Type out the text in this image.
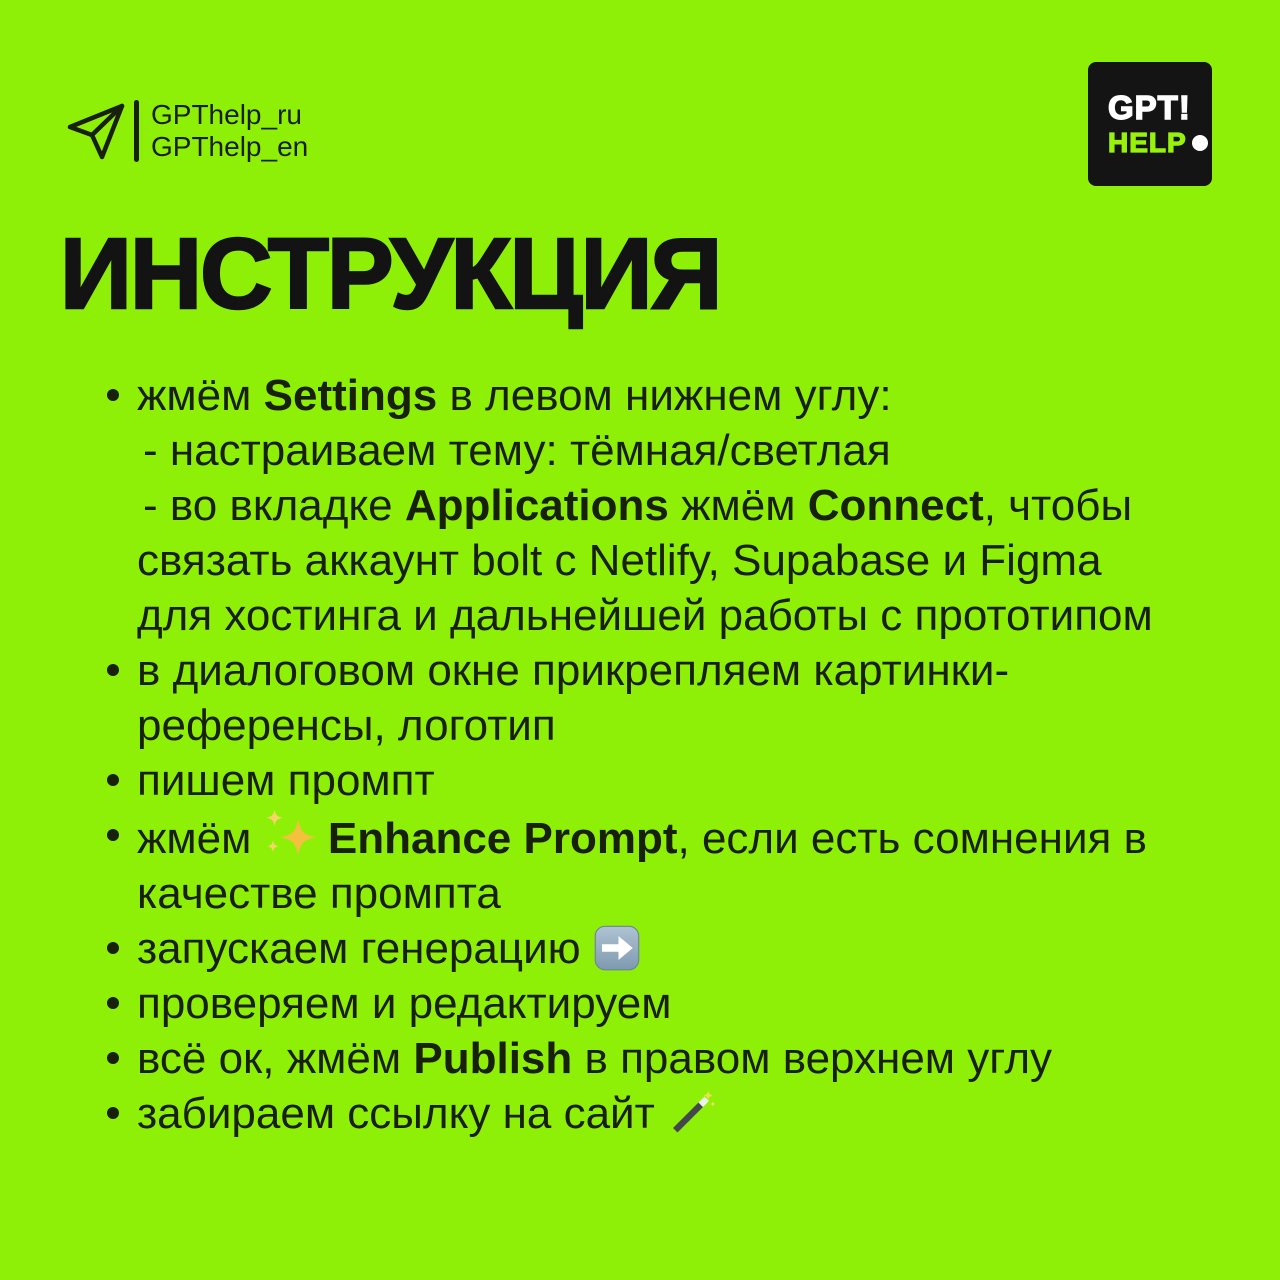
GPThelp_ru
GPThelp_en
GPT!
HELP
ИНСТРУКЦИЯ
жмём Settings в левом нижнем углу:
- настраиваем тему: тёмная/светлая
- во вкладке Applications жмём Connect, чтобы связать аккаунт bolt с Netlify, Supabase и Figma для хостинга и дальнейшей работы с прототипом
в диалоговом окне прикрепляем картинки-референсы, логотип
пишем промпт
жмём
Enhance Prompt, если есть сомнения в качестве промпта
запускаем генерацию
проверяем и редактируем
всё ок, жмём Publish в правом верхнем углу
забираем ссылку на сайт
